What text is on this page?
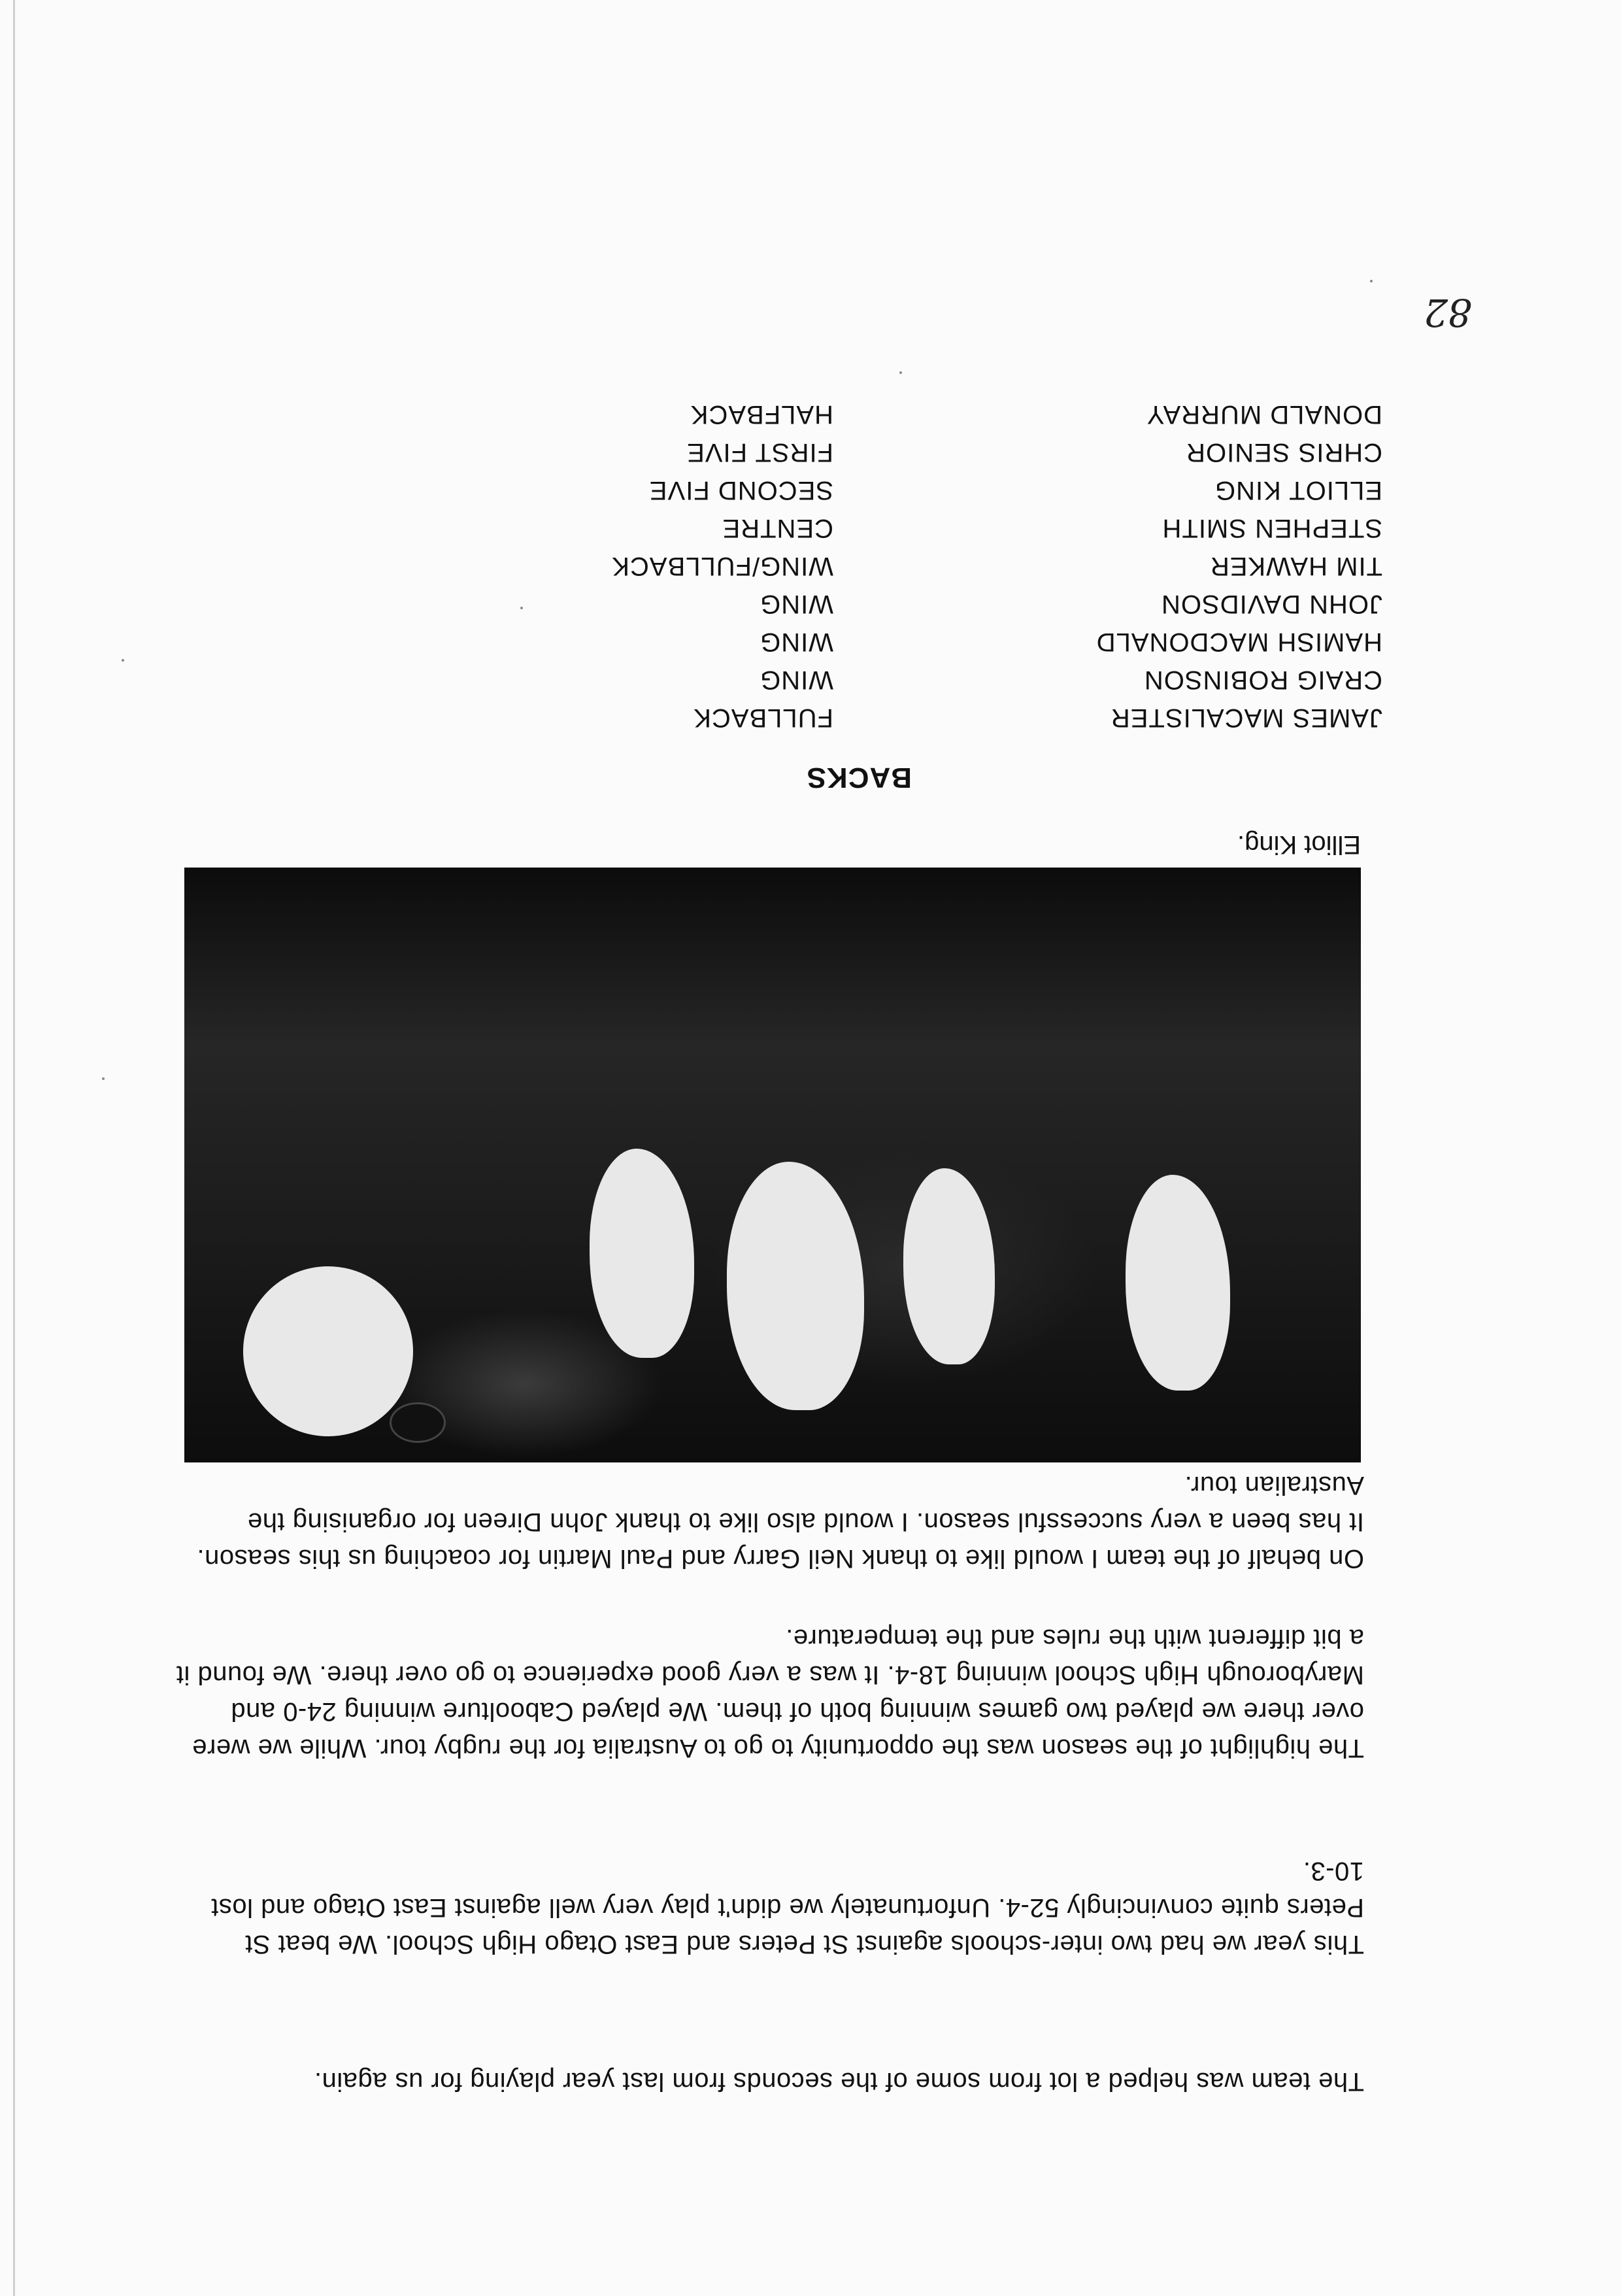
82
BACKS
JAMES MACALISTER
FULLBACK
CRAIG ROBINSON
WING
HAMISH MACDONALD
WING
JOHN DAVIDSON
WING
TIM HAWKER
WING/FULLBACK
STEPHEN SMITH
CENTRE
ELLIOT KING
SECOND FIVE
CHRIS SENIOR
FIRST FIVE
DONALD MURRAY
HALFBACK
Elliot King.

On behalf of the team I would like to thank Neil Garry and Paul Martin for coaching us this season. It has been a very successful season. I would also like to thank John Direen for organising the Australian tour.

The highlight of the season was the opportunity to go to Australia for the rugby tour. While we were over there we played two games winning both of them. We played Caboolture winning 24-0 and Maryborough High School winning 18-4. It was a very good experience to go over there. We found it a bit different with the rules and the temperature.

This year we had two inter-schools against St Peters and East Otago High School. We beat St Peters quite convincingly 52-4. Unfortunately we didn't play very well against East Otago and lost 10-3.

The team was helped a lot from some of the seconds from last year playing for us again.
